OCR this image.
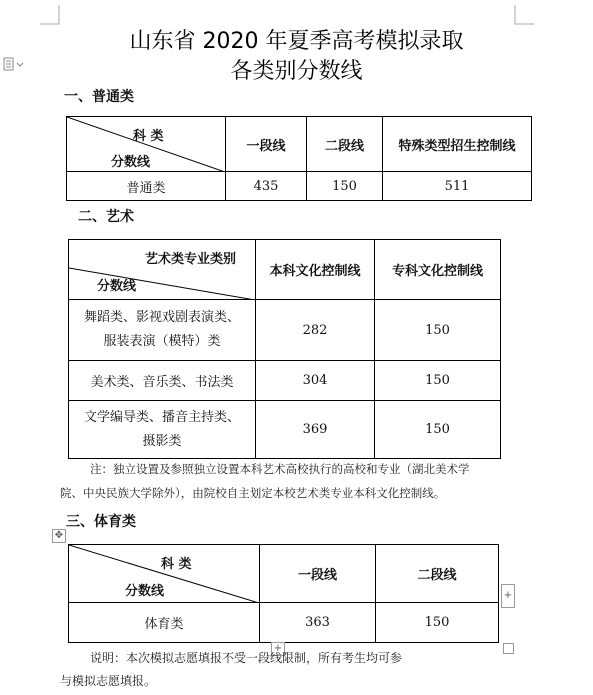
山东省 2020 年夏季高考模拟录取
各类别分数线
一、普通类
科 类
分数线	一段线	二段线	特殊类型招生控制线
普通类	435	150	511
二、艺术
艺术类专业类别
分数线	本科文化控制线	专科文化控制线

舞蹈类、影视戏剧表演类、
服装表演（模特）类	282	150

美术类、音乐类、书法类	304	150

文学编导类、播音主持类、
摄影类	369	150
注：独立设置及参照独立设置本科艺术高校执行的高校和专业（湖北美术学
院、中央民族大学除外），由院校自主划定本校艺术类专业本科文化控制线。
三、体育类
✥
科 类
分数线	一段线	二段线
体育类	363	150
+
+
说明：本次模拟志愿填报不受一段线限制，所有考生均可参
与模拟志愿填报。
